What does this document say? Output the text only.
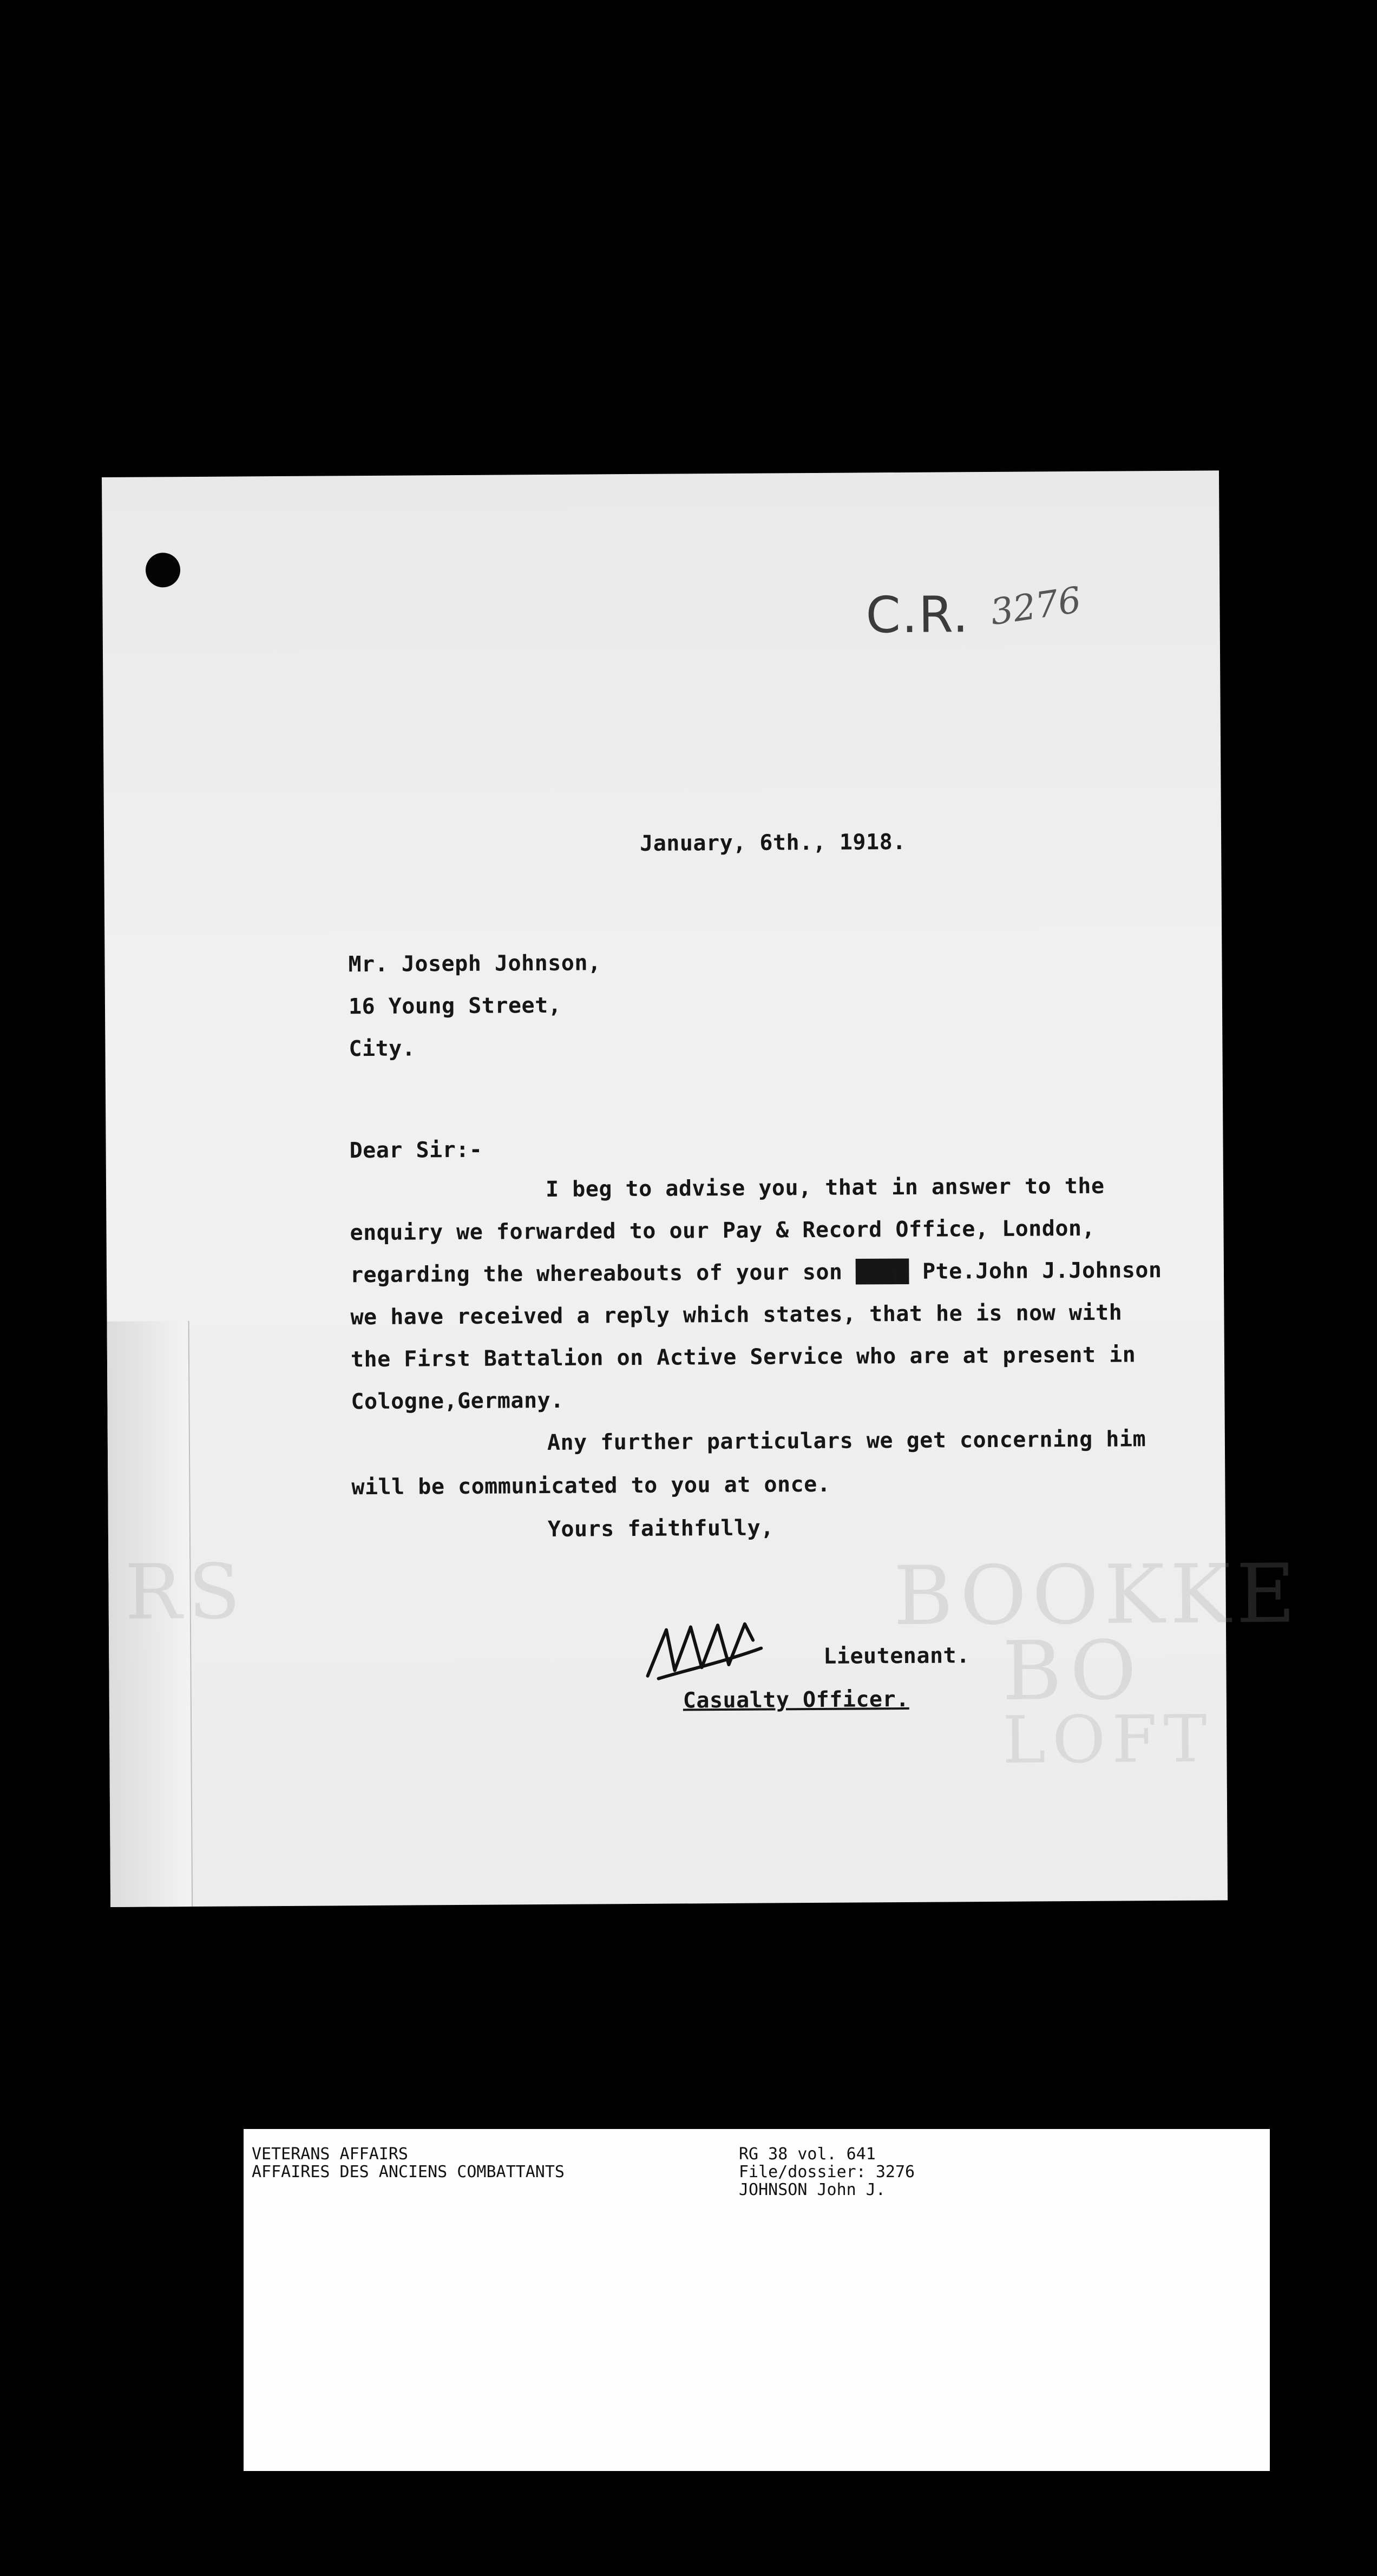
BOOKKE
BO
LOFT
RS
C.R. 3276
January, 6th., 1918.
Mr. Joseph Johnson,
16 Young Street,
City.
Dear Sir:-
I beg to advise you, that in answer to the
enquiry we forwarded to our Pay & Record Office, London,
regarding the whereabouts of your son ████ Pte.John J.Johnson
we have received a reply which states, that he is now with
the First Battalion on Active Service who are at present in
Cologne,Germany.
Any further particulars we get concerning him
will be communicated to you at once.
Yours faithfully,
Lieutenant.
Casualty Officer.
VETERANS AFFAIRS
AFFAIRES DES ANCIENS COMBATTANTS
RG 38 vol. 641
File/dossier: 3276
JOHNSON John J.
